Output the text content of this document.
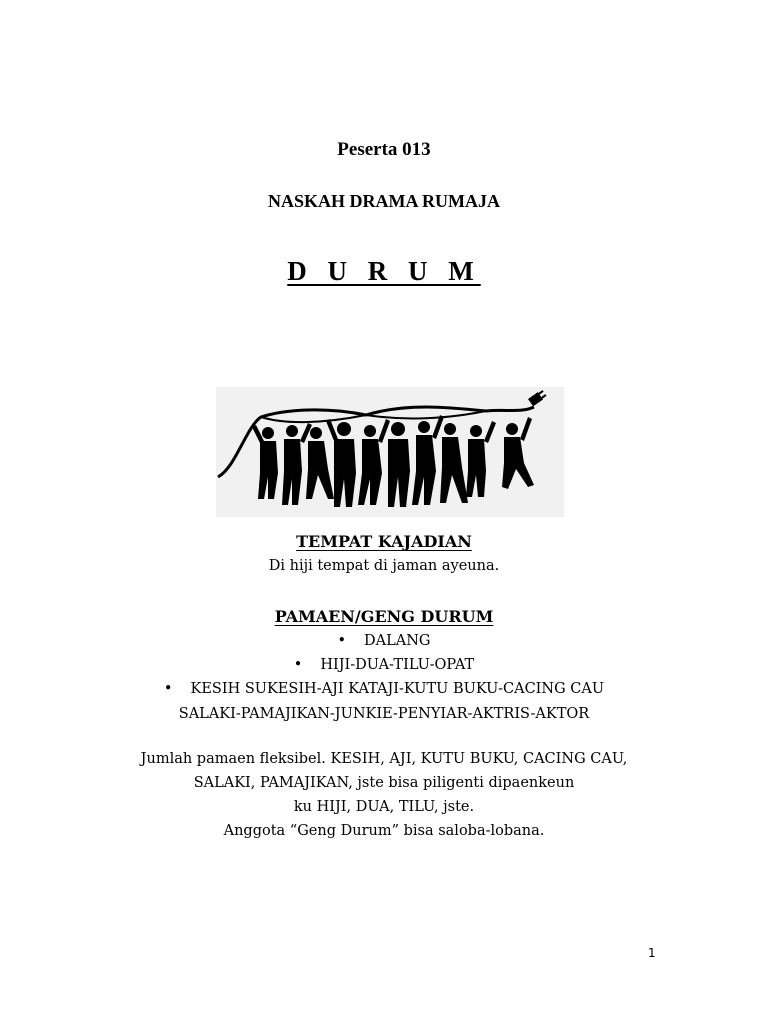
Peserta 013
NASKAH DRAMA RUMAJA
D U R U M
TEMPAT KAJADIAN
Di hiji tempat di jaman ayeuna.
PAMAEN/GENG DURUM
• DALANG
• HIJI-DUA-TILU-OPAT
• KESIH SUKESIH-AJI KATAJI-KUTU BUKU-CACING CAU
SALAKI-PAMAJIKAN-JUNKIE-PENYIAR-AKTRIS-AKTOR
Jumlah pamaen fleksibel. KESIH, AJI, KUTU BUKU, CACING CAU,
SALAKI, PAMAJIKAN, jste bisa piligenti dipaenkeun
ku HIJI, DUA, TILU, jste.
Anggota “Geng Durum” bisa saloba-lobana.
1
